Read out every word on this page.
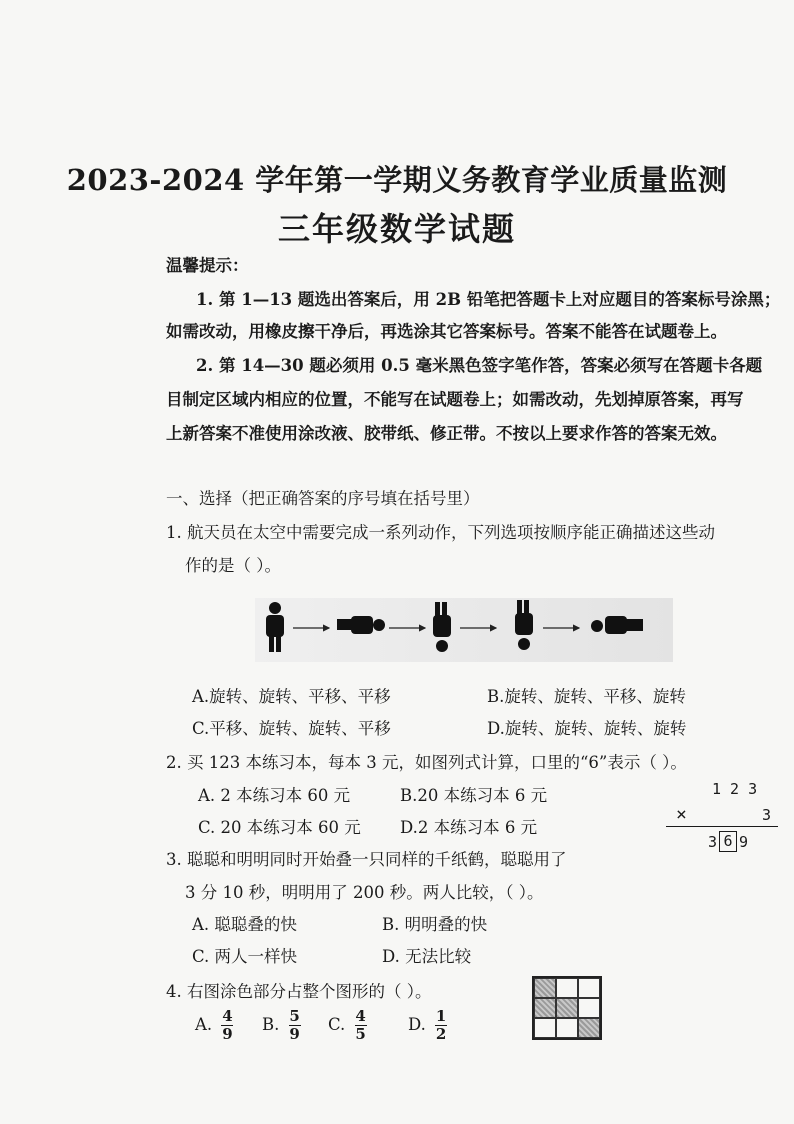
2023-2024 学年第一学期义务教育学业质量监测
三年级数学试题
温馨提示：
1. 第 1—13 题选出答案后，用 2B 铅笔把答题卡上对应题目的答案标号涂黑；
如需改动，用橡皮擦干净后，再选涂其它答案标号。答案不能答在试题卷上。
2. 第 14—30 题必须用 0.5 毫米黑色签字笔作答，答案必须写在答题卡各题
目制定区域内相应的位置，不能写在试题卷上；如需改动，先划掉原答案，再写
上新答案不准使用涂改液、胶带纸、修正带。不按以上要求作答的答案无效。
一、选择（把正确答案的序号填在括号里）
1. 航天员在太空中需要完成一系列动作，下列选项按顺序能正确描述这些动
作的是（ ）。
A.旋转、旋转、平移、平移	B.旋转、旋转、平移、旋转
C.平移、旋转、旋转、平移	D.旋转、旋转、旋转、旋转
2. 买 123 本练习本，每本 3 元，如图列式计算，口里的“6”表示（ ）。
A. 2 本练习本 60 元	B.20 本练习本 6 元
C. 20 本练习本 60 元 D.2 本练习本 6 元
1 2 3
×	3
3 6 9
3. 聪聪和明明同时开始叠一只同样的千纸鹤，聪聪用了
3 分 10 秒，明明用了 200 秒。两人比较，（ ）。
A. 聪聪叠的快	B. 明明叠的快
C. 两人一样快	D. 无法比较
4. 右图涂色部分占整个图形的（ ）。
A. $\frac{4}{9} B$. $\frac{5}{9} C$. $\frac{4}{5}$	D. $\frac{1}{2}$
